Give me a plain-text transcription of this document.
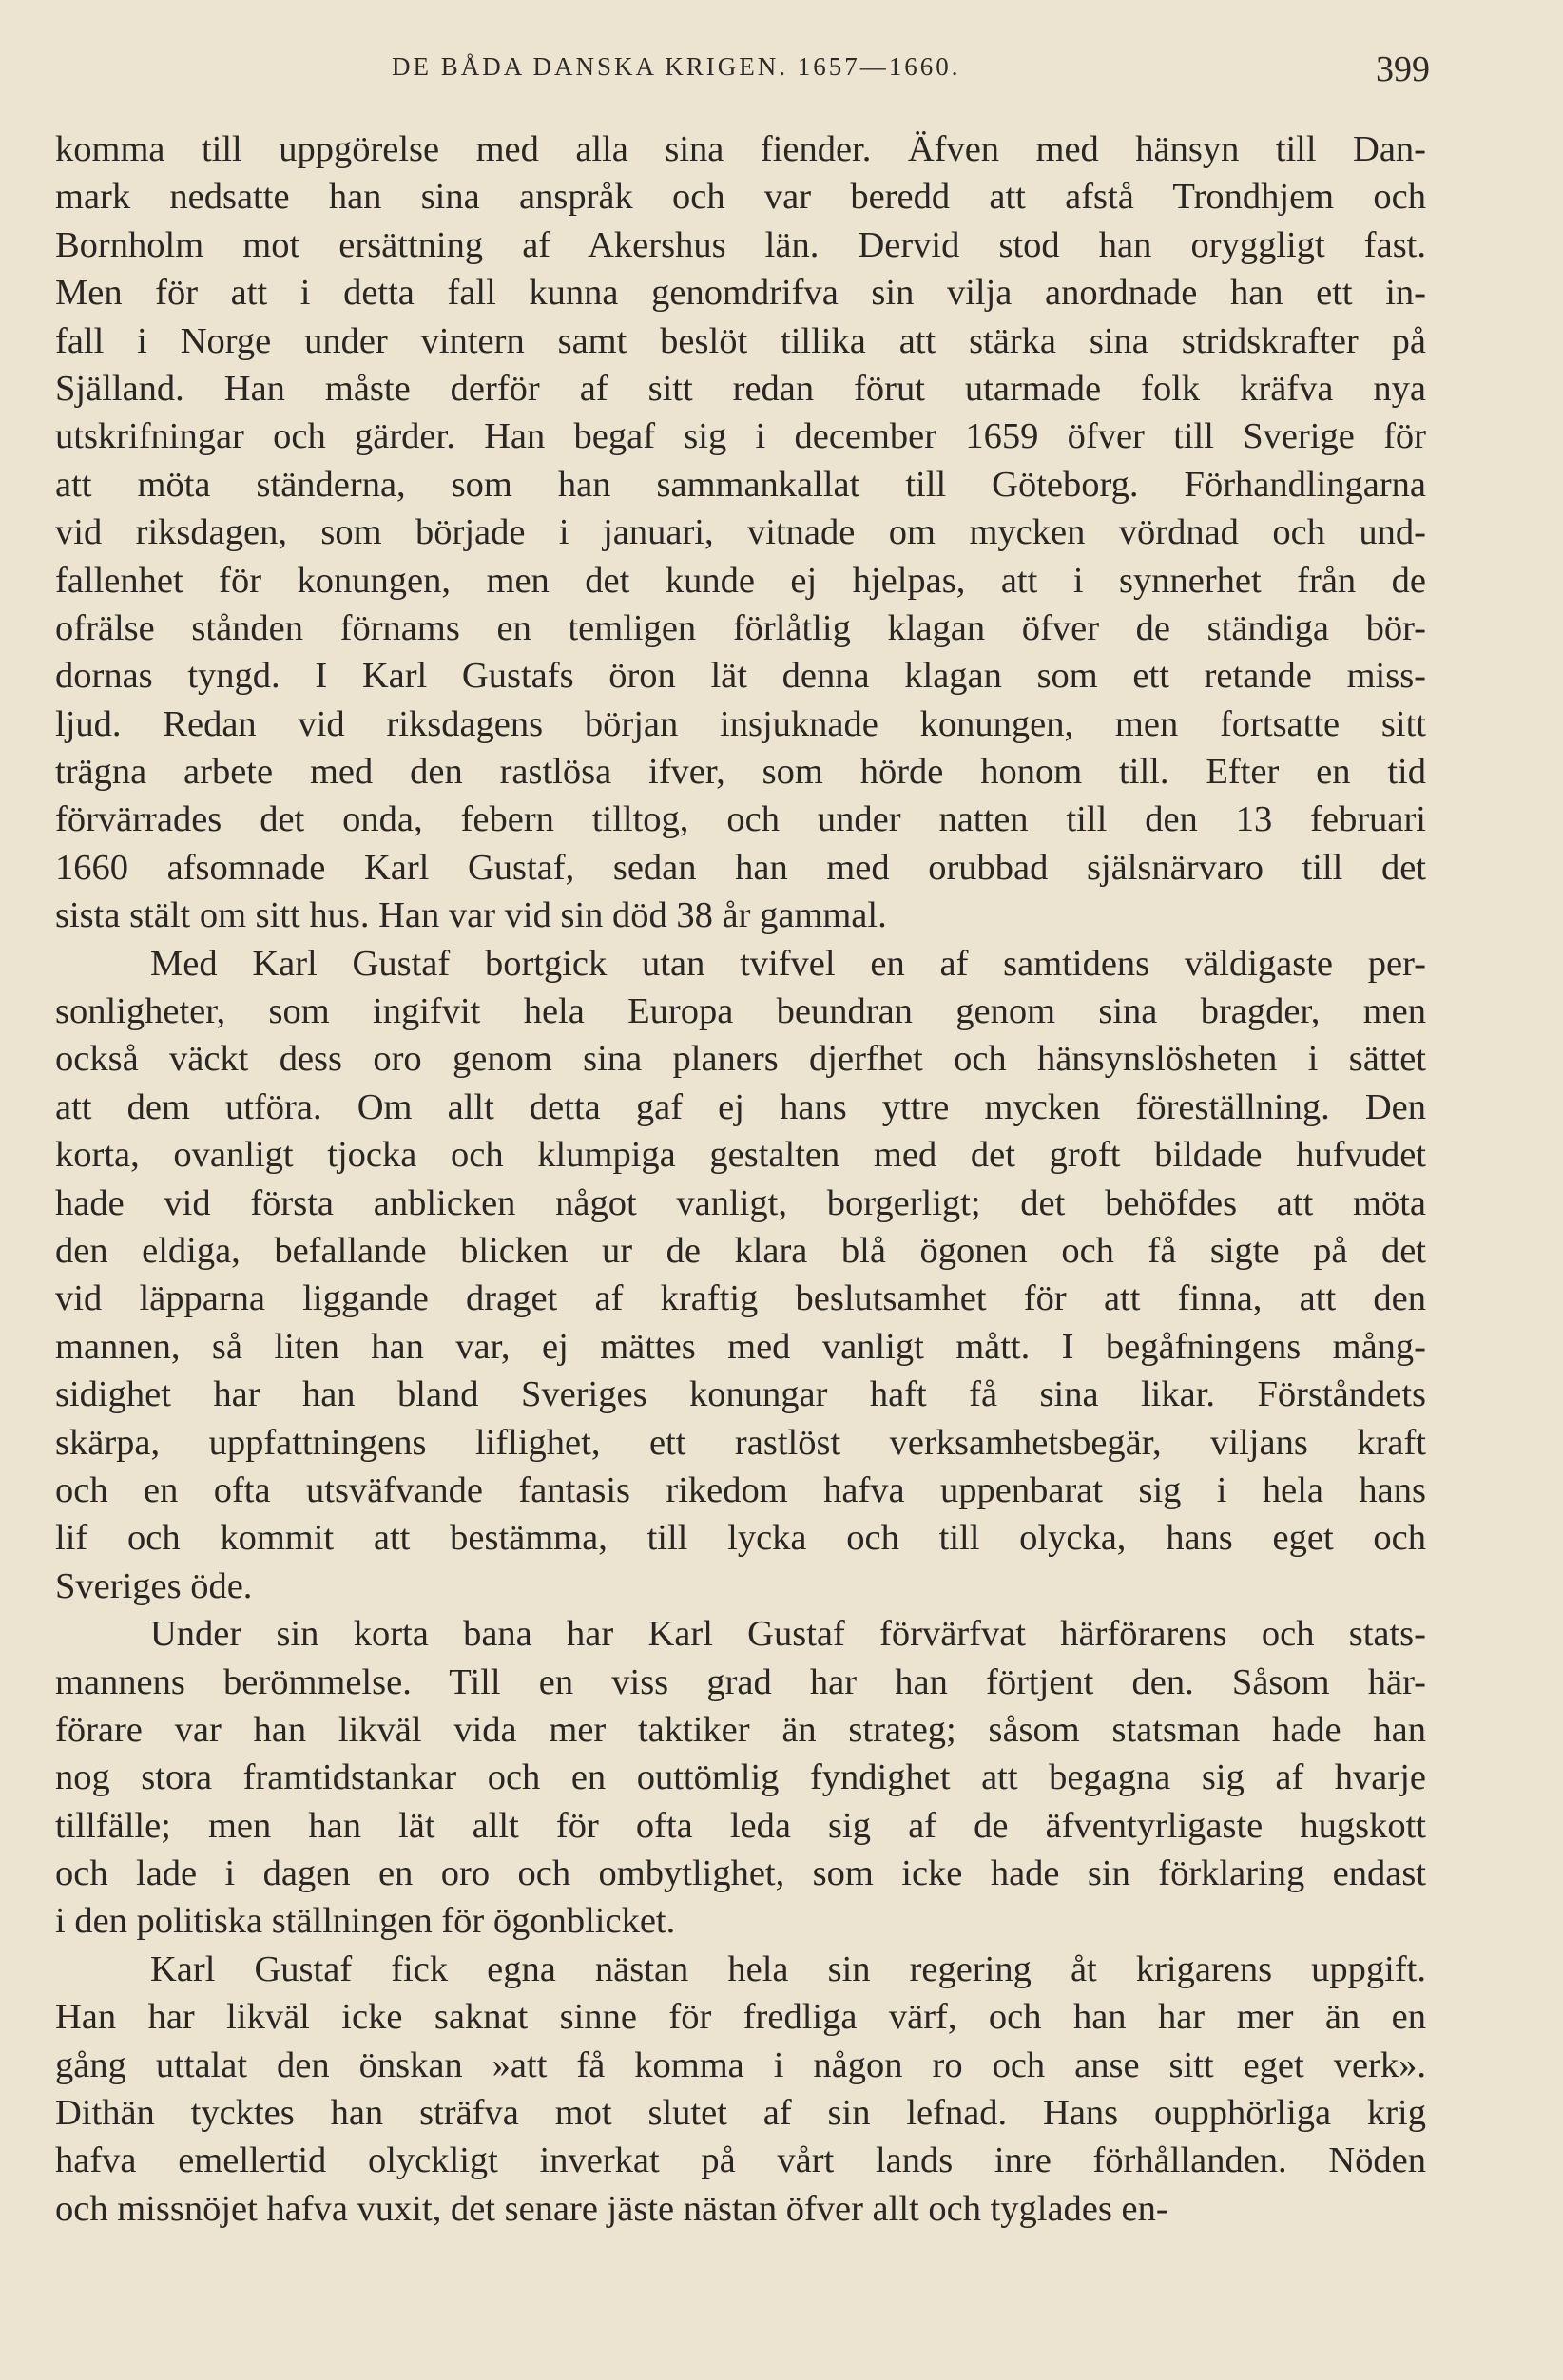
DE BÅDA DANSKA KRIGEN. 1657—1660.	399
komma till uppgörelse med alla sina fiender. Äfven med hänsyn till Dan-
mark nedsatte han sina anspråk och var beredd att afstå Trondhjem och
Bornholm mot ersättning af Akershus län. Dervid stod han oryggligt fast.
Men för att i detta fall kunna genomdrifva sin vilja anordnade han ett in-
fall i Norge under vintern samt beslöt tillika att stärka sina stridskrafter på
Själland. Han måste derför af sitt redan förut utarmade folk kräfva nya
utskrifningar och gärder. Han begaf sig i december 1659 öfver till Sverige för
att möta ständerna, som han sammankallat till Göteborg. Förhandlingarna
vid riksdagen, som började i januari, vitnade om mycken vördnad och und-
fallenhet för konungen, men det kunde ej hjelpas, att i synnerhet från de
ofrälse stånden förnams en temligen förlåtlig klagan öfver de ständiga bör-
dornas tyngd. I Karl Gustafs öron lät denna klagan som ett retande miss-
ljud. Redan vid riksdagens början insjuknade konungen, men fortsatte sitt
trägna arbete med den rastlösa ifver, som hörde honom till. Efter en tid
förvärrades det onda, febern tilltog, och under natten till den 13 februari
1660 afsomnade Karl Gustaf, sedan han med orubbad själsnärvaro till det
sista stält om sitt hus. Han var vid sin död 38 år gammal.
Med Karl Gustaf bortgick utan tvifvel en af samtidens väldigaste per-
sonligheter, som ingifvit hela Europa beundran genom sina bragder, men
också väckt dess oro genom sina planers djerfhet och hänsynslösheten i sättet
att dem utföra. Om allt detta gaf ej hans yttre mycken föreställning. Den
korta, ovanligt tjocka och klumpiga gestalten med det groft bildade hufvudet
hade vid första anblicken något vanligt, borgerligt; det behöfdes att möta
den eldiga, befallande blicken ur de klara blå ögonen och få sigte på det
vid läpparna liggande draget af kraftig beslutsamhet för att finna, att den
mannen, så liten han var, ej mättes med vanligt mått. I begåfningens mång-
sidighet har han bland Sveriges konungar haft få sina likar. Förståndets
skärpa, uppfattningens liflighet, ett rastlöst verksamhetsbegär, viljans kraft
och en ofta utsväfvande fantasis rikedom hafva uppenbarat sig i hela hans
lif och kommit att bestämma, till lycka och till olycka, hans eget och
Sveriges öde.
Under sin korta bana har Karl Gustaf förvärfvat härförarens och stats-
mannens berömmelse. Till en viss grad har han förtjent den. Såsom här-
förare var han likväl vida mer taktiker än strateg; såsom statsman hade han
nog stora framtidstankar och en outtömlig fyndighet att begagna sig af hvarje
tillfälle; men han lät allt för ofta leda sig af de äfventyrligaste hugskott
och lade i dagen en oro och ombytlighet, som icke hade sin förklaring endast
i den politiska ställningen för ögonblicket.
Karl Gustaf fick egna nästan hela sin regering åt krigarens uppgift.
Han har likväl icke saknat sinne för fredliga värf, och han har mer än en
gång uttalat den önskan »att få komma i någon ro och anse sitt eget verk».
Dithän tycktes han sträfva mot slutet af sin lefnad. Hans oupphörliga krig
hafva emellertid olyckligt inverkat på vårt lands inre förhållanden. Nöden
och missnöjet hafva vuxit, det senare jäste nästan öfver allt och tyglades en-
